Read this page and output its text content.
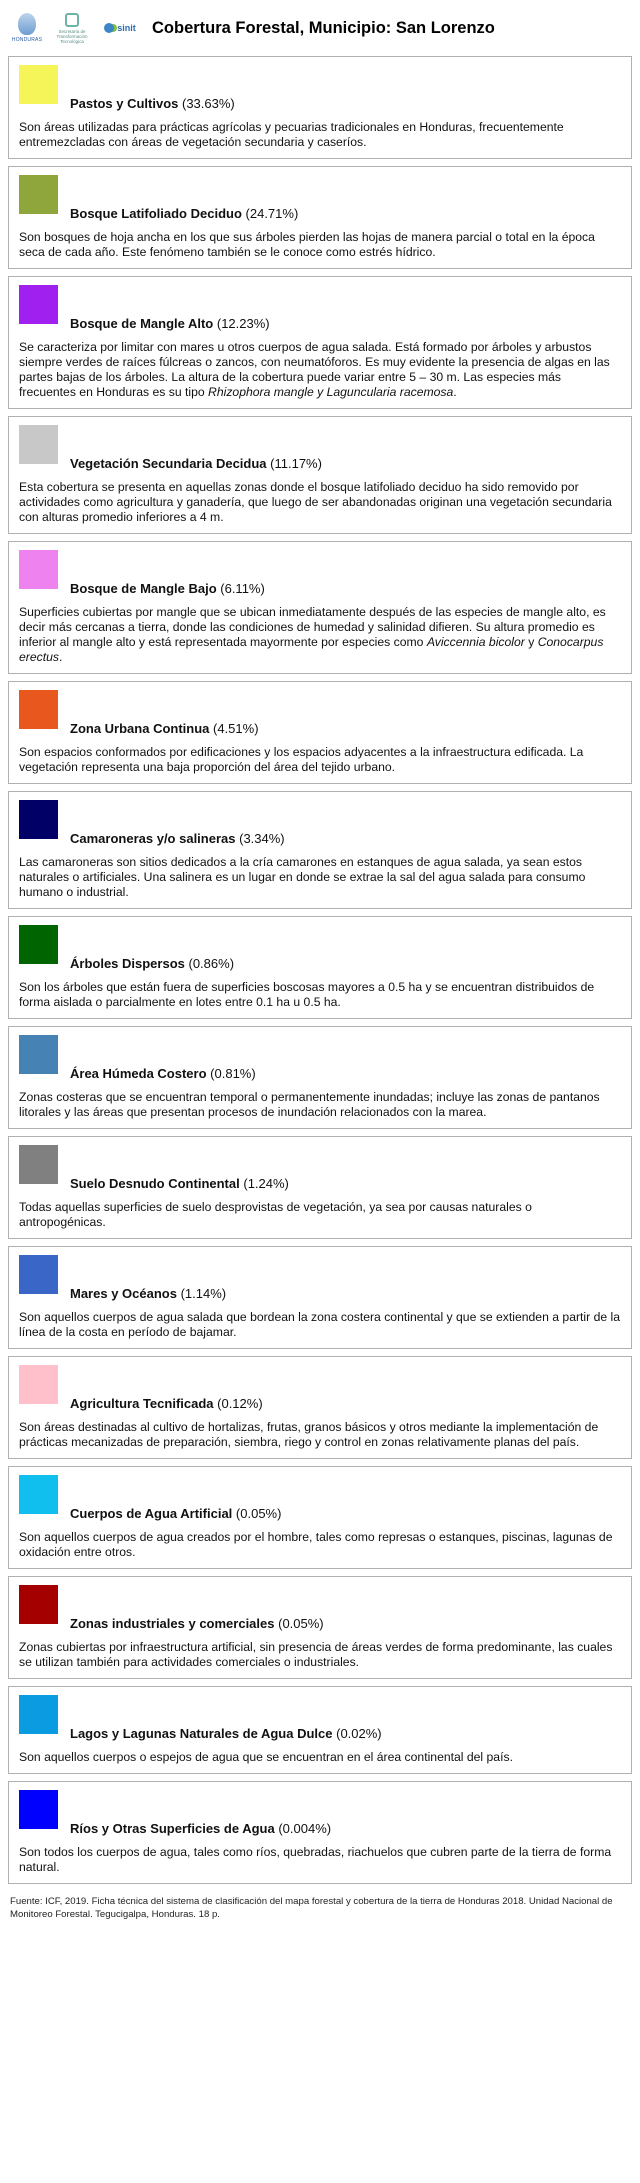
HONDURAS
Secretaría de Transformación Tecnológica
sinit Cobertura Forestal, Municipio: San Lorenzo
Pastos y Cultivos (33.63%)
Son áreas utilizadas para prácticas agrícolas y pecuarias tradicionales en Honduras, frecuentemente entremezcladas con áreas de vegetación secundaria y caseríos.
Bosque Latifoliado Deciduo (24.71%)
Son bosques de hoja ancha en los que sus árboles pierden las hojas de manera parcial o total en la época seca de cada año. Este fenómeno también se le conoce como estrés hídrico.
Bosque de Mangle Alto (12.23%)
Se caracteriza por limitar con mares u otros cuerpos de agua salada. Está formado por árboles y arbustos siempre verdes de raíces fúlcreas o zancos, con neumatóforos. Es muy evidente la presencia de algas en las partes bajas de los árboles. La altura de la cobertura puede variar entre 5 – 30 m. Las especies más frecuentes en Honduras es su tipo Rhizophora mangle y Laguncularia racemosa.
Vegetación Secundaria Decidua (11.17%)
Esta cobertura se presenta en aquellas zonas donde el bosque latifoliado deciduo ha sido removido por actividades como agricultura y ganadería, que luego de ser abandonadas originan una vegetación secundaria con alturas promedio inferiores a 4 m.
Bosque de Mangle Bajo (6.11%)
Superficies cubiertas por mangle que se ubican inmediatamente después de las especies de mangle alto, es decir más cercanas a tierra, donde las condiciones de humedad y salinidad difieren. Su altura promedio es inferior al mangle alto y está representada mayormente por especies como Aviccennia bicolor y Conocarpus erectus.
Zona Urbana Continua (4.51%)
Son espacios conformados por edificaciones y los espacios adyacentes a la infraestructura edificada. La vegetación representa una baja proporción del área del tejido urbano.
Camaroneras y/o salineras (3.34%)
Las camaroneras son sitios dedicados a la cría camarones en estanques de agua salada, ya sean estos naturales o artificiales. Una salinera es un lugar en donde se extrae la sal del agua salada para consumo humano o industrial.
Árboles Dispersos (0.86%)
Son los árboles que están fuera de superficies boscosas mayores a 0.5 ha y se encuentran distribuidos de forma aislada o parcialmente en lotes entre 0.1 ha u 0.5 ha.
Área Húmeda Costero (0.81%)
Zonas costeras que se encuentran temporal o permanentemente inundadas; incluye las zonas de pantanos litorales y las áreas que presentan procesos de inundación relacionados con la marea.
Suelo Desnudo Continental (1.24%)
Todas aquellas superficies de suelo desprovistas de vegetación, ya sea por causas naturales o antropogénicas.
Mares y Océanos (1.14%)
Son aquellos cuerpos de agua salada que bordean la zona costera continental y que se extienden a partir de la línea de la costa en período de bajamar.
Agricultura Tecnificada (0.12%)
Son áreas destinadas al cultivo de hortalizas, frutas, granos básicos y otros mediante la implementación de prácticas mecanizadas de preparación, siembra, riego y control en zonas relativamente planas del país.
Cuerpos de Agua Artificial (0.05%)
Son aquellos cuerpos de agua creados por el hombre, tales como represas o estanques, piscinas, lagunas de oxidación entre otros.
Zonas industriales y comerciales (0.05%)
Zonas cubiertas por infraestructura artificial, sin presencia de áreas verdes de forma predominante, las cuales se utilizan también para actividades comerciales o industriales.
Lagos y Lagunas Naturales de Agua Dulce (0.02%)
Son aquellos cuerpos o espejos de agua que se encuentran en el área continental del país.
Ríos y Otras Superficies de Agua (0.004%)
Son todos los cuerpos de agua, tales como ríos, quebradas, riachuelos que cubren parte de la tierra de forma natural.
Fuente: ICF, 2019. Ficha técnica del sistema de clasificación del mapa forestal y cobertura de la tierra de Honduras 2018. Unidad Nacional de Monitoreo Forestal. Tegucigalpa, Honduras. 18 p.
